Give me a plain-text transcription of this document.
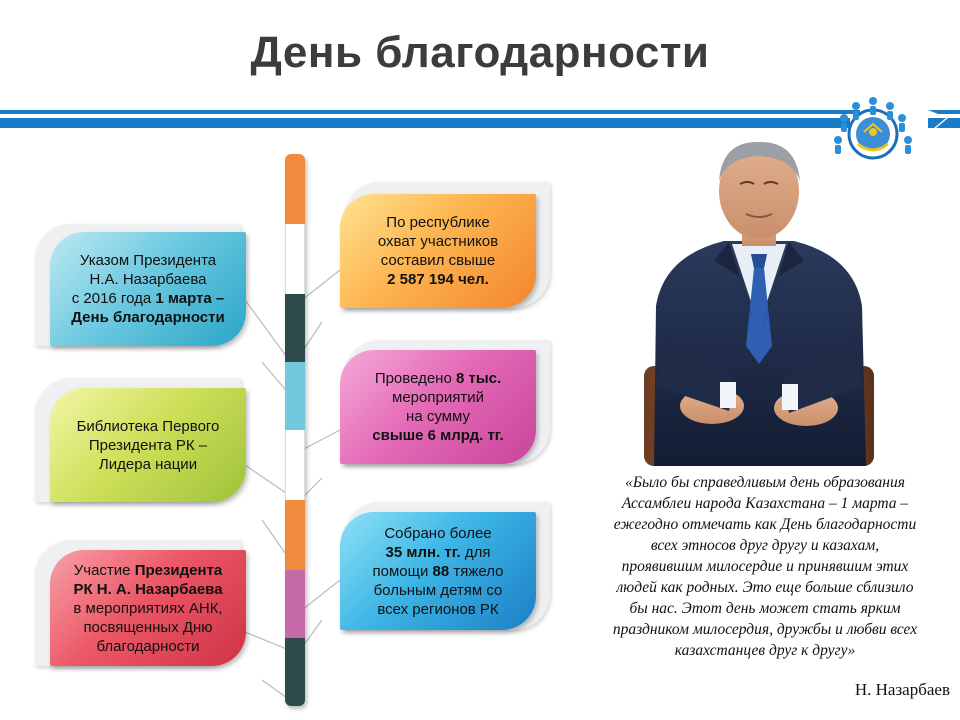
День благодарности
Указом Президента
Н.А. Назарбаева
с 2016 года 1 марта –
День благодарности
Библиотека Первого
Президента РК –
Лидера нации
Участие Президента
РК Н. А. Назарбаева
в мероприятиях АНК,
посвященных Дню
благодарности
По республике
охват участников
составил свыше
2 587 194 чел.
Проведено 8 тыс.
мероприятий
на сумму
свыше 6 млрд. тг.
Собрано более
35 млн. тг. для
помощи 88 тяжело
больным детям со
всех регионов РК
«Было бы справедливым день образования
Ассамблеи народа Казахстана – 1 марта –
ежегодно отмечать как День благодарности
всех этносов друг другу и казахам,
проявившим милосердие и принявшим этих
людей как родных. Это еще больше сблизило
бы нас. Этот день может стать ярким
праздником милосердия, дружбы и любви всех
казахстанцев друг к другу»
Н. Назарбаев
